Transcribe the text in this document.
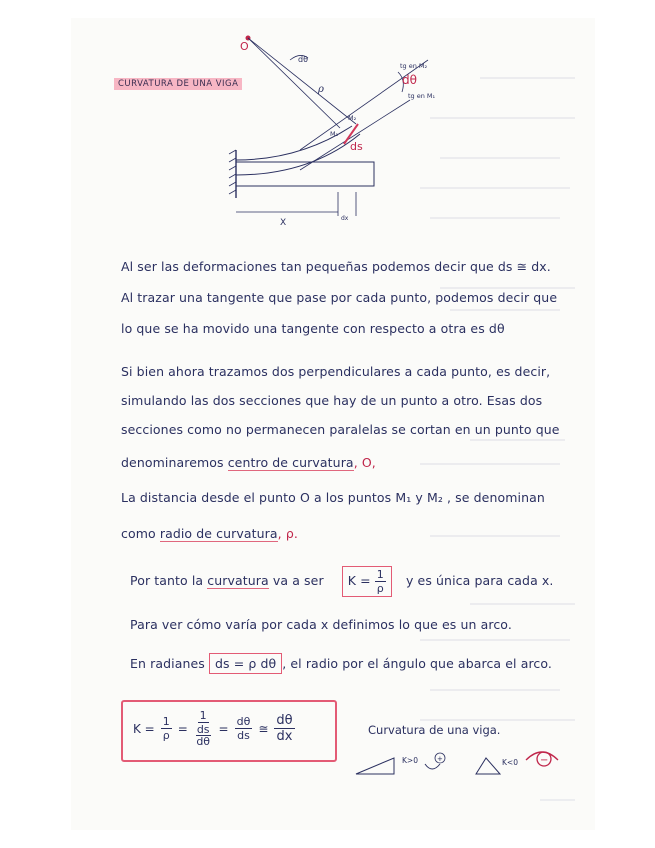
CURVATURA DE UNA VIGA
O
dθ
ρ
dθ
tg en M₂
tg en M₁
M₁
M₂
ds
X	dx
Al ser las deformaciones tan pequeñas podemos decir que ds ≅ dx.
Al trazar una tangente que pase por cada punto, podemos decir que
lo que se ha movido una tangente con respecto a otra es dθ
Si bien ahora trazamos dos perpendiculares a cada punto, es decir,
simulando las dos secciones que hay de un punto a otro. Esas dos
secciones como no permanecen paralelas se cortan en un punto que
denominaremos centro de curvatura, O,
La distancia desde el punto O a los puntos M₁ y M₂ , se denominan
como radio de curvatura, ρ.
Por tanto la curvatura va a ser $K = \frac{1}{\rho}$ y es única para cada x.
Para ver cómo varía por cada x definimos lo que es un arco.
En radianes ds = ρ dθ , el radio por el ángulo que abarca el arco.
$K = \frac{1}{\rho} = \frac{1}{\frac{ds}{d\theta}} = \frac{d\theta}{ds}$ ≅ $\frac{d\theta}{dx}$	Curvatura de una viga.
K>0	+	K<0 −
